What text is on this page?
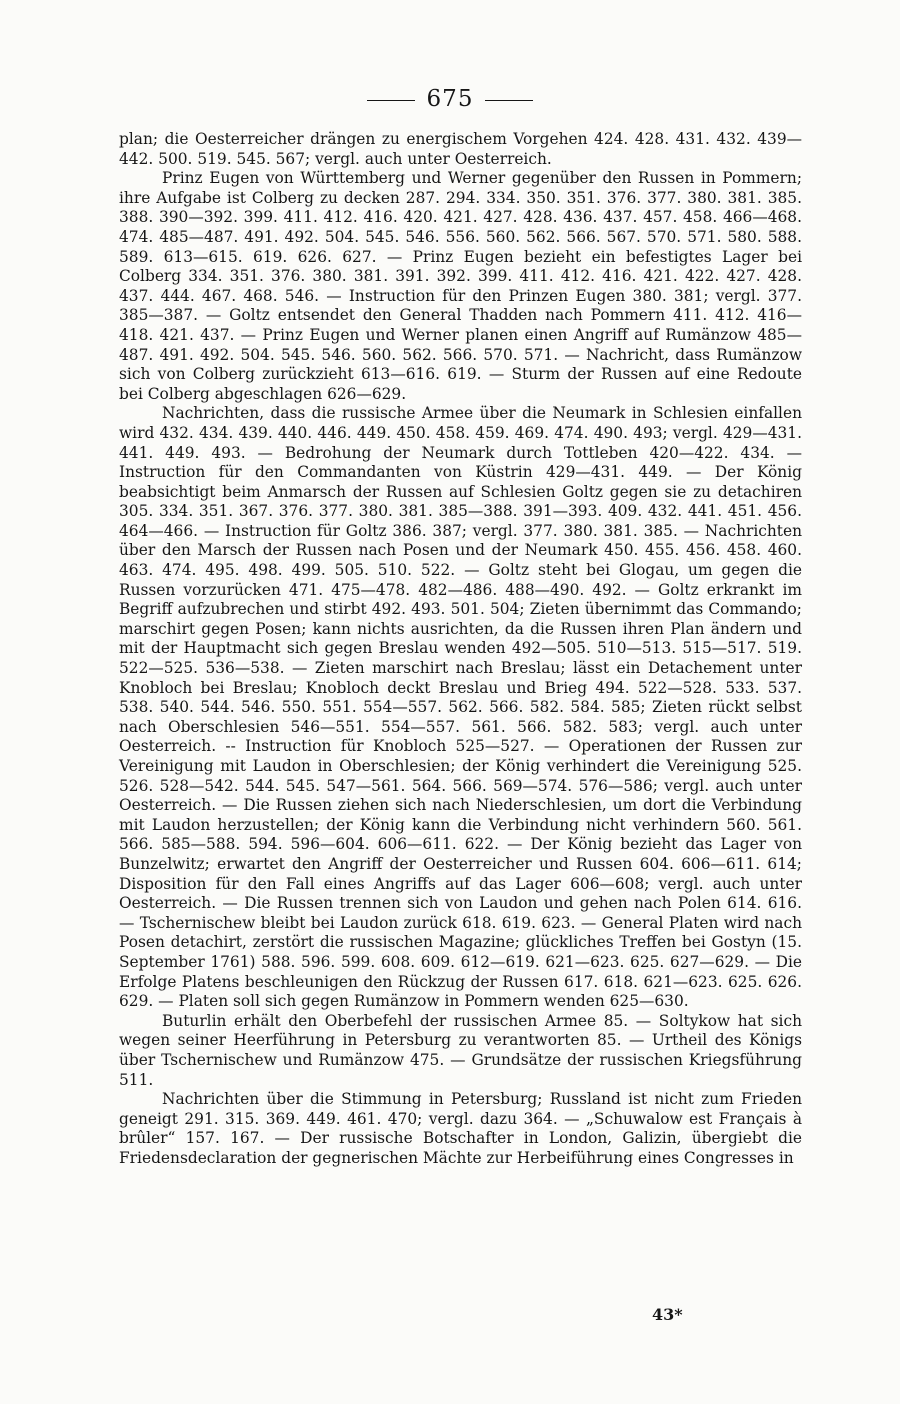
675

plan; die Oesterreicher drängen zu energischem Vorgehen 424. 428. 431. 432. 439—442. 500. 519. 545. 567; vergl. auch unter Oesterreich.

Prinz Eugen von Württemberg und Werner gegenüber den Russen in Pommern; ihre Aufgabe ist Colberg zu decken 287. 294. 334. 350. 351. 376. 377. 380. 381. 385. 388. 390—392. 399. 411. 412. 416. 420. 421. 427. 428. 436. 437. 457. 458. 466—468. 474. 485—487. 491. 492. 504. 545. 546. 556. 560. 562. 566. 567. 570. 571. 580. 588. 589. 613—615. 619. 626. 627. — Prinz Eugen bezieht ein befestigtes Lager bei Colberg 334. 351. 376. 380. 381. 391. 392. 399. 411. 412. 416. 421. 422. 427. 428. 437. 444. 467. 468. 546. — Instruction für den Prinzen Eugen 380. 381; vergl. 377. 385—387. — Goltz entsendet den General Thadden nach Pommern 411. 412. 416—418. 421. 437. — Prinz Eugen und Werner planen einen Angriff auf Rumänzow 485—487. 491. 492. 504. 545. 546. 560. 562. 566. 570. 571. — Nachricht, dass Rumänzow sich von Colberg zurückzieht 613—616. 619. — Sturm der Russen auf eine Redoute bei Colberg abgeschlagen 626—629.

Nachrichten, dass die russische Armee über die Neumark in Schlesien einfallen wird 432. 434. 439. 440. 446. 449. 450. 458. 459. 469. 474. 490. 493; vergl. 429—431. 441. 449. 493. — Bedrohung der Neumark durch Tottleben 420—422. 434. — Instruction für den Commandanten von Küstrin 429—431. 449. — Der König beabsichtigt beim Anmarsch der Russen auf Schlesien Goltz gegen sie zu detachiren 305. 334. 351. 367. 376. 377. 380. 381. 385—388. 391—393. 409. 432. 441. 451. 456. 464—466. — Instruction für Goltz 386. 387; vergl. 377. 380. 381. 385. — Nachrichten über den Marsch der Russen nach Posen und der Neumark 450. 455. 456. 458. 460. 463. 474. 495. 498. 499. 505. 510. 522. — Goltz steht bei Glogau, um gegen die Russen vorzurücken 471. 475—478. 482—486. 488—490. 492. — Goltz erkrankt im Begriff aufzubrechen und stirbt 492. 493. 501. 504; Zieten übernimmt das Commando; marschirt gegen Posen; kann nichts ausrichten, da die Russen ihren Plan ändern und mit der Hauptmacht sich gegen Breslau wenden 492—505. 510—513. 515—517. 519. 522—525. 536—538. — Zieten marschirt nach Breslau; lässt ein Detachement unter Knobloch bei Breslau; Knobloch deckt Breslau und Brieg 494. 522—528. 533. 537. 538. 540. 544. 546. 550. 551. 554—557. 562. 566. 582. 584. 585; Zieten rückt selbst nach Oberschlesien 546—551. 554—557. 561. 566. 582. 583; vergl. auch unter Oesterreich. -- Instruction für Knobloch 525—527. — Operationen der Russen zur Vereinigung mit Laudon in Oberschlesien; der König verhindert die Vereinigung 525. 526. 528—542. 544. 545. 547—561. 564. 566. 569—574. 576—586; vergl. auch unter Oesterreich. — Die Russen ziehen sich nach Niederschlesien, um dort die Verbindung mit Laudon herzustellen; der König kann die Verbindung nicht verhindern 560. 561. 566. 585—588. 594. 596—604. 606—611. 622. — Der König bezieht das Lager von Bunzelwitz; erwartet den Angriff der Oesterreicher und Russen 604. 606—611. 614; Disposition für den Fall eines Angriffs auf das Lager 606—608; vergl. auch unter Oesterreich. — Die Russen trennen sich von Laudon und gehen nach Polen 614. 616. — Tschernischew bleibt bei Laudon zurück 618. 619. 623. — General Platen wird nach Posen detachirt, zerstört die russischen Magazine; glückliches Treffen bei Gostyn (15. September 1761) 588. 596. 599. 608. 609. 612—619. 621—623. 625. 627—629. — Die Erfolge Platens beschleunigen den Rückzug der Russen 617. 618. 621—623. 625. 626. 629. — Platen soll sich gegen Rumänzow in Pommern wenden 625—630.

Buturlin erhält den Oberbefehl der russischen Armee 85. — Soltykow hat sich wegen seiner Heerführung in Petersburg zu verantworten 85. — Urtheil des Königs über Tschernischew und Rumänzow 475. — Grundsätze der russischen Kriegsführung 511.

Nachrichten über die Stimmung in Petersburg; Russland ist nicht zum Frieden geneigt 291. 315. 369. 449. 461. 470; vergl. dazu 364. — „Schuwalow est Français à brûler“ 157. 167. — Der russische Botschafter in London, Galizin, übergiebt die Friedensdeclaration der gegnerischen Mächte zur Herbeiführung eines Congresses in

43*
